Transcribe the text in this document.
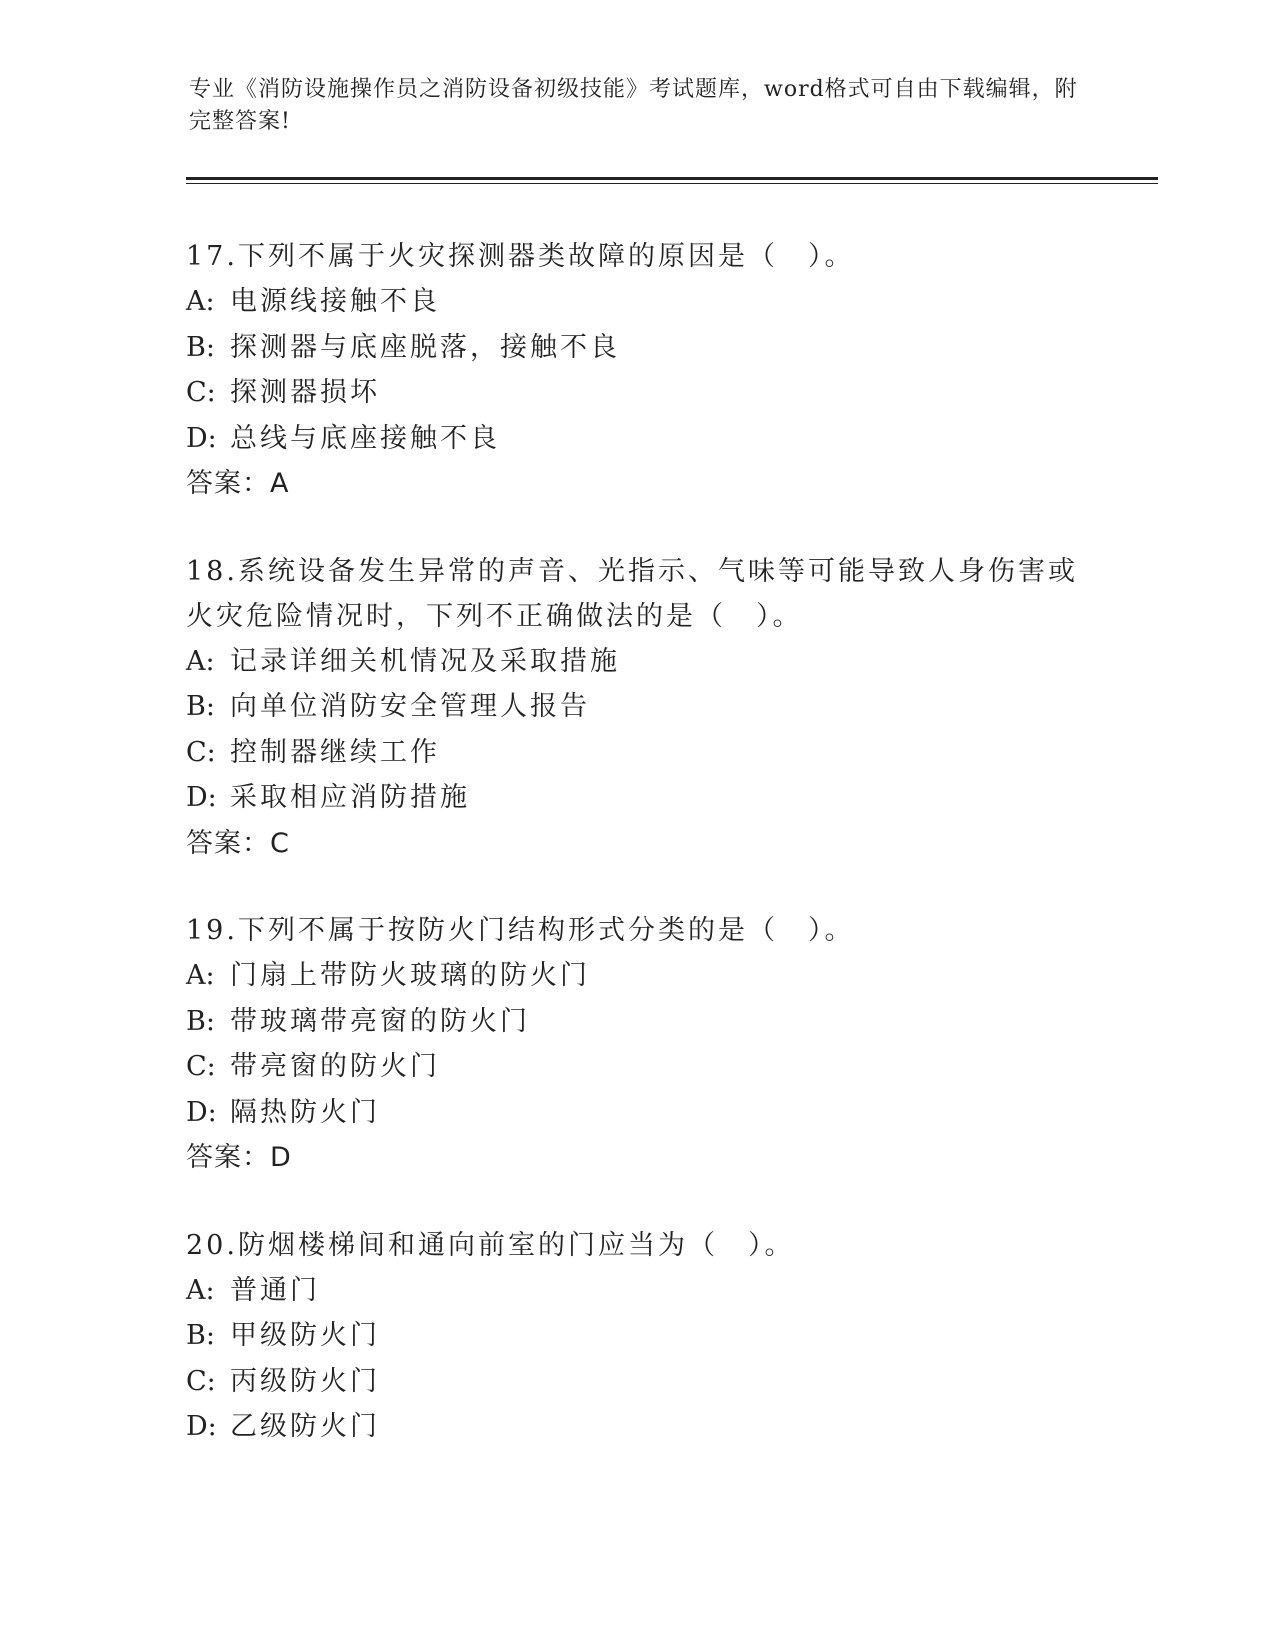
专业《消防设施操作员之消防设备初级技能》考试题库，word格式可自由下载编辑，附完整答案!
17.下列不属于火灾探测器类故障的原因是（　）。
A: 电源线接触不良
B: 探测器与底座脱落，接触不良
C: 探测器损坏
D: 总线与底座接触不良
答案：A
18.系统设备发生异常的声音、光指示、气味等可能导致人身伤害或火灾危险情况时，下列不正确做法的是（　）。
A: 记录详细关机情况及采取措施
B: 向单位消防安全管理人报告
C: 控制器继续工作
D: 采取相应消防措施
答案：C
19.下列不属于按防火门结构形式分类的是（　）。
A: 门扇上带防火玻璃的防火门
B: 带玻璃带亮窗的防火门
C: 带亮窗的防火门
D: 隔热防火门
答案：D
20.防烟楼梯间和通向前室的门应当为（　）。
A: 普通门
B: 甲级防火门
C: 丙级防火门
D: 乙级防火门
